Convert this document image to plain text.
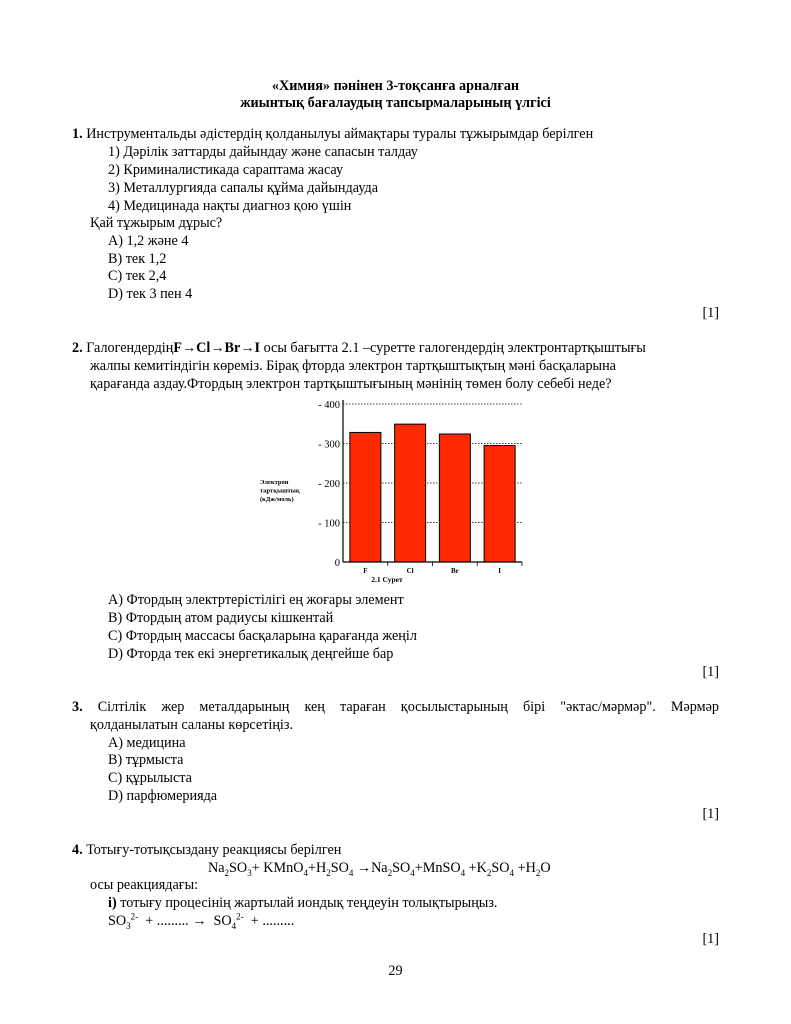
«Химия» пәнінен 3-тоқсанға арналған
жиынтық бағалаудың тапсырмаларының үлгісі
1. Инструментальды әдістердің қолданылуы аймақтары туралы тұжырымдар берілген
1) Дәрілік заттарды дайындау және сапасын талдау
2) Криминалистикада сараптама жасау
3) Металлургияда сапалы құйма дайындауда
4) Медицинада нақты диагноз қою үшін
Қай тұжырым дұрыс?
A) 1,2 және 4
B) тек 1,2
C) тек 2,4
D) тек 3 пен 4
[1]
2. ГалогендердіңF→Cl→Br→I осы бағытта 2.1 –суретте галогендердің электронтартқыштығы
жалпы кемитіндігін көреміз. Бірақ фторда электрон тартқыштықтың мәні басқаларына
қарағанда аздау.Фтордың электрон тартқыштығының мәнінің төмен болу себебі неде?
F	Cl	Br	I
0
- 100
- 200
- 300
- 400
Электрон
тартқыштық
(кДж/моль)
2.1 Сурет
A) Фтордың электртерістілігі ең жоғары элемент
B) Фтордың атом радиусы кішкентай
C) Фтордың массасы басқаларына қарағанда жеңіл
D) Фторда тек екі энергетикалық деңгейше бар
[1]
3. Сілтілік жер металдарының кең тараған қосылыстарының бірі "әктас/мәрмәр". Мәрмәр
қолданылатын саланы көрсетіңіз.
A) медицина
B) тұрмыста
C) құрылыста
D) парфюмерияда
[1]
4. Тотығу-тотықсыздану реакциясы берілген
$Na_2SO_3+$ $KMnO_4+H_2SO_4$ $\to Na_2SO_4+MnSO_4 +K_2SO_4 +H_2O$
осы реакциядағы:
і) тотығу процесінің жартылай иондық теңдеуін толықтырыңыз.
$SO_3^{2-}$  + ......... →  $SO_4^{2-}$  + .........
[1]
29
